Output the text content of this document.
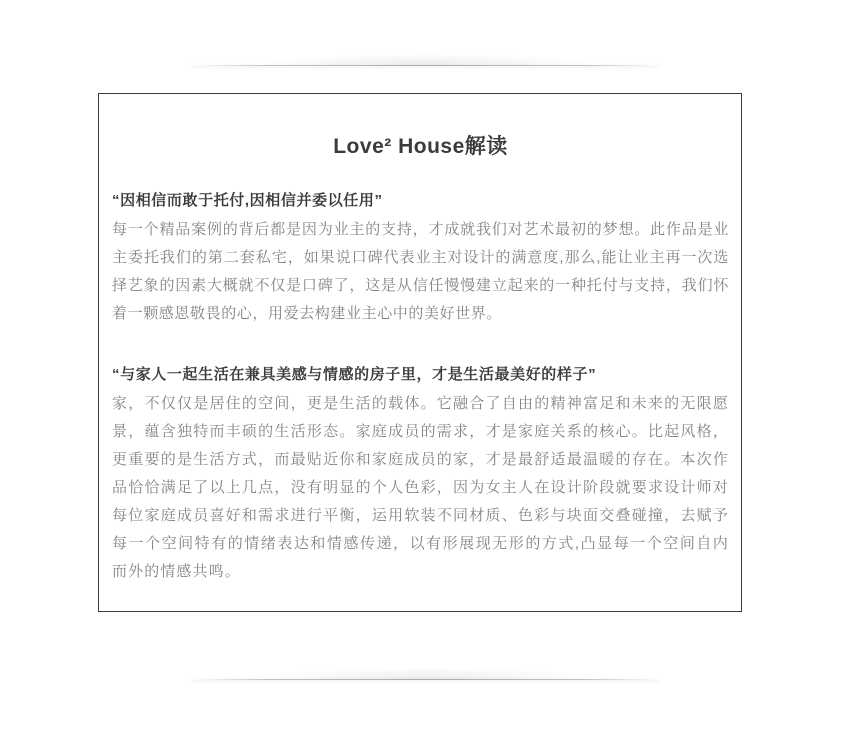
Love² House解读
“因相信而敢于托付,因相信并委以任用”

每一个精品案例的背后都是因为业主的支持，才成就我们对艺术最初的梦想。此作品是业主委托我们的第二套私宅，如果说口碑代表业主对设计的满意度,那么,能让业主再一次选择艺象的因素大概就不仅是口碑了，这是从信任慢慢建立起来的一种托付与支持，我们怀着一颗感恩敬畏的心，用爱去构建业主心中的美好世界。

“与家人一起生活在兼具美感与情感的房子里，才是生活最美好的样子”

家，不仅仅是居住的空间，更是生活的载体。它融合了自由的精神富足和未来的无限愿景，蕴含独特而丰硕的生活形态。家庭成员的需求，才是家庭关系的核心。比起风格，更重要的是生活方式，而最贴近你和家庭成员的家，才是最舒适最温暖的存在。本次作品恰恰满足了以上几点，没有明显的个人色彩，因为女主人在设计阶段就要求设计师对每位家庭成员喜好和需求进行平衡，运用软装不同材质、色彩与块面交叠碰撞，去赋予每一个空间特有的情绪表达和情感传递，以有形展现无形的方式,凸显每一个空间自内而外的情感共鸣。
